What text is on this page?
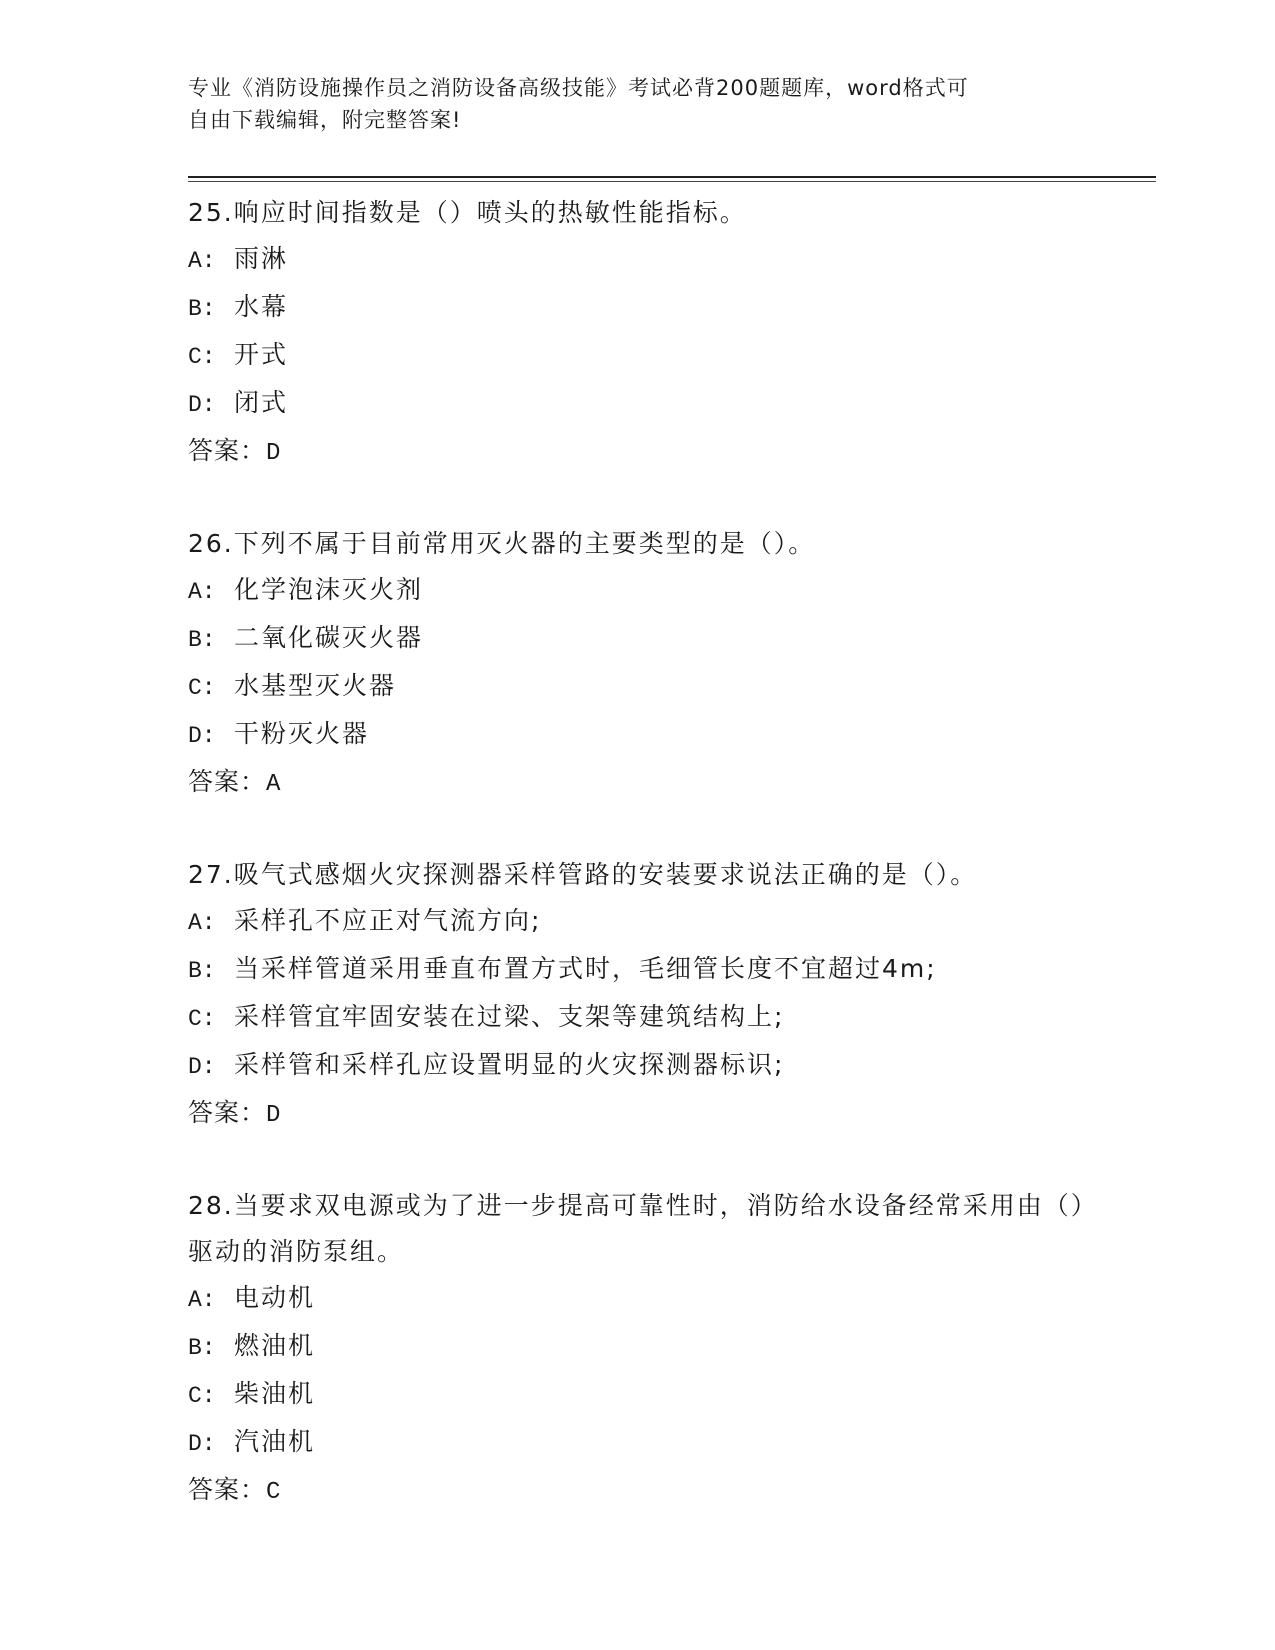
专业《消防设施操作员之消防设备高级技能》考试必背200题题库，word格式可
自由下载编辑，附完整答案!

25.响应时间指数是（）喷头的热敏性能指标。

A: 雨淋

B: 水幕

C: 开式

D: 闭式

答案：D

26.下列不属于目前常用灭火器的主要类型的是（）。

A: 化学泡沫灭火剂

B: 二氧化碳灭火器

C: 水基型灭火器

D: 干粉灭火器

答案：A

27.吸气式感烟火灾探测器采样管路的安装要求说法正确的是（）。

A: 采样孔不应正对气流方向;

B: 当采样管道采用垂直布置方式时，毛细管长度不宜超过4m;

C: 采样管宜牢固安装在过梁、支架等建筑结构上;

D: 采样管和采样孔应设置明显的火灾探测器标识;

答案：D

28.当要求双电源或为了进一步提高可靠性时，消防给水设备经常采用由（）驱动的消防泵组。

A: 电动机

B: 燃油机

C: 柴油机

D: 汽油机

答案：C
